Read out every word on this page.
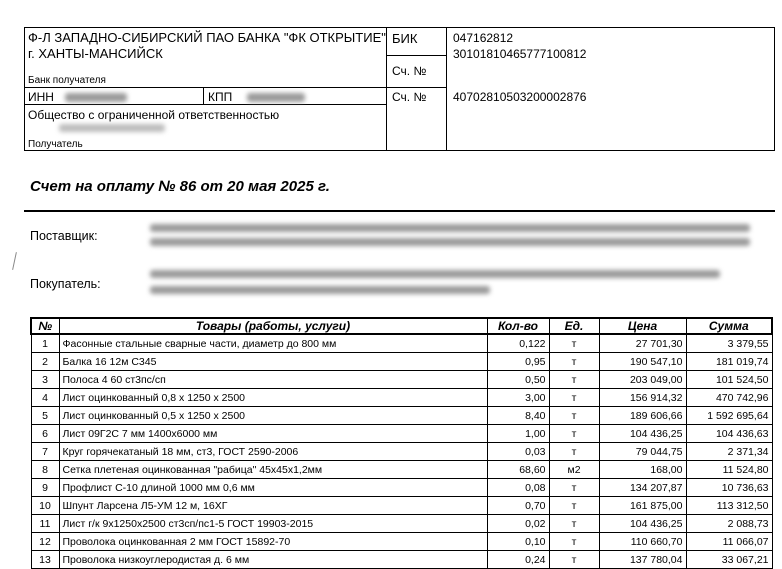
Ф-Л ЗАПАДНО-СИБИРСКИЙ ПАО БАНКА "ФК ОТКРЫТИЕ"
г. ХАНТЫ-МАНСИЙСК
Банк получателя
БИК
Сч. №
047162812
30101810465777100812
ИНН	КПП	Сч. № 40702810503200002876
Общество с ограниченной ответственностью
Получатель
Счет на оплату № 86 от 20 мая 2025 г.
Поставщик:
Покупатель:
№	Товары (работы, услуги)	Кол-во	Ед.	Цена	Сумма
1	Фасонные стальные сварные части, диаметр до 800 мм	0,122	т	27 701,30	3 379,55
2	Балка 16 12м С345	0,95	т	190 547,10	181 019,74
3	Полоса 4 60 ст3пс/сп	0,50	т	203 049,00	101 524,50
4	Лист оцинкованный 0,8 х 1250 х 2500	3,00	т	156 914,32	470 742,96
5	Лист оцинкованный 0,5 х 1250 х 2500	8,40	т	189 606,66	1 592 695,64
6	Лист 09Г2С 7 мм 1400х6000 мм	1,00	т	104 436,25	104 436,63
7	Круг горячекатаный 18 мм, ст3, ГОСТ 2590-2006	0,03	т	79 044,75	2 371,34
8	Сетка плетеная оцинкованная "рабица" 45х45х1,2мм	68,60	м2	168,00	11 524,80
9	Профлист С-10 длиной 1000 мм 0,6 мм	0,08	т	134 207,87	10 736,63
10	Шпунт Ларсена Л5-УМ 12 м, 16ХГ	0,70	т	161 875,00	113 312,50
11	Лист г/к 9х1250х2500 ст3сп/пс1-5 ГОСТ 19903-2015	0,02	т	104 436,25	2 088,73
12	Проволока оцинкованная 2 мм ГОСТ 15892-70	0,10	т	110 660,70	11 066,07
13	Проволока низкоуглеродистая д. 6 мм	0,24	т	137 780,04	33 067,21
